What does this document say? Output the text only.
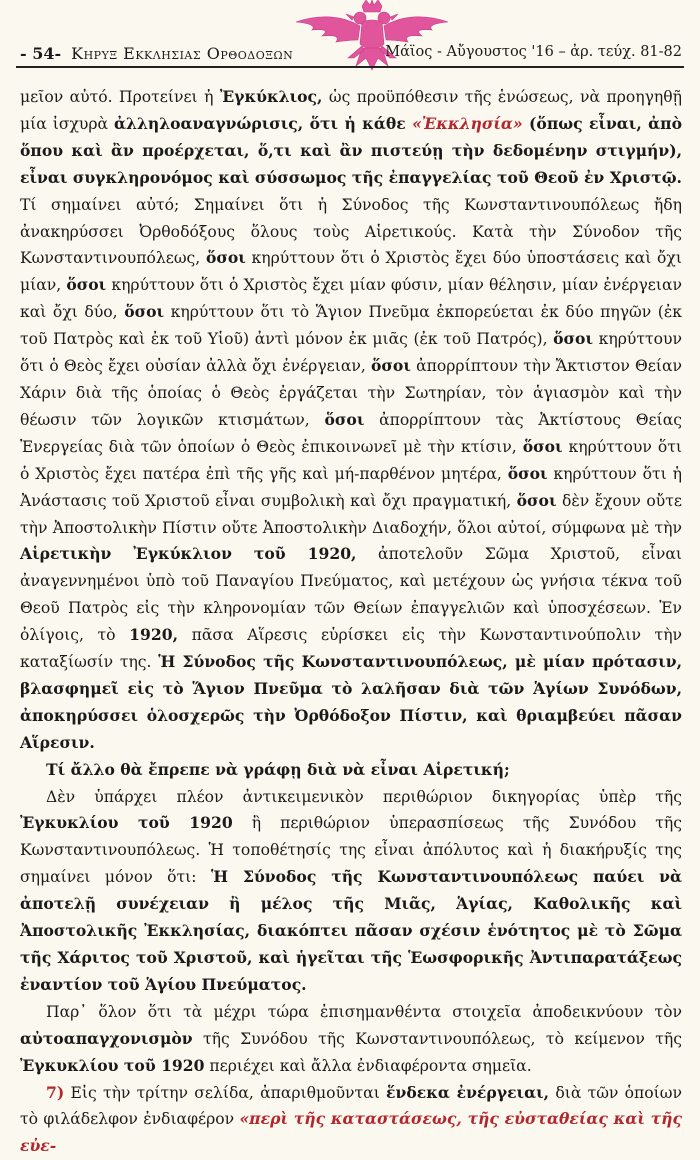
- 54- Κηρυξ Εκκλησιας Ορθοδοξων	Μάϊος - Αὔγουστος '16 – ἀρ. τεύχ. 81-82

μεῖον αὐτό. Προτείνει ἡ Ἐγκύκλιος, ὡς προϋπόθεσιν τῆς ἑνώσεως, νὰ προηγηθῇ μία ἰσχυρὰ ἀλληλοαναγνώρισις, ὅτι ἡ κάθε «Ἐκκλησία» (ὅπως εἶναι, ἀπὸ ὅπου καὶ ἂν προέρχεται, ὅ,τι καὶ ἂν πιστεύῃ τὴν δεδομένην στιγμήν), εἶναι συγκληρονόμος καὶ σύσσωμος τῆς ἐπαγγελίας τοῦ Θεοῦ ἐν Χριστῷ. Τί σημαίνει αὐτό; Σημαίνει ὅτι ἡ Σύνοδος τῆς Κωνσταντινουπόλεως ἤδη ἀνακηρύσσει Ὀρθοδόξους ὅλους τοὺς Αἱρετικούς. Κατὰ τὴν Σύνοδον τῆς Κωνσταντινουπόλεως, ὅσοι κηρύττουν ὅτι ὁ Χριστὸς ἔχει δύο ὑποστάσεις καὶ ὄχι μίαν, ὅσοι κηρύττουν ὅτι ὁ Χριστὸς ἔχει μίαν φύσιν, μίαν θέλησιν, μίαν ἐνέργειαν καὶ ὄχι δύο, ὅσοι κηρύττουν ὅτι τὸ Ἅγιον Πνεῦμα ἐκπορεύεται ἐκ δύο πηγῶν (ἐκ τοῦ Πατρὸς καὶ ἐκ τοῦ Υἱοῦ) ἀντὶ μόνον ἐκ μιᾶς (ἐκ τοῦ Πατρός), ὅσοι κηρύττουν ὅτι ὁ Θεὸς ἔχει οὐσίαν ἀλλὰ ὄχι ἐνέργειαν, ὅσοι ἀπορρίπτουν τὴν Ἄκτιστον Θείαν Χάριν διὰ τῆς ὁποίας ὁ Θεὸς ἐργάζεται τὴν Σωτηρίαν, τὸν ἁγιασμὸν καὶ τὴν θέωσιν τῶν λογικῶν κτισμάτων, ὅσοι ἀπορρίπτουν τὰς Ἀκτίστους Θείας Ἐνεργείας διὰ τῶν ὁποίων ὁ Θεὸς ἐπικοινωνεῖ μὲ τὴν κτίσιν, ὅσοι κηρύττουν ὅτι ὁ Χριστὸς ἔχει πατέρα ἐπὶ τῆς γῆς καὶ μή-παρθένον μητέρα, ὅσοι κηρύττουν ὅτι ἡ Ἀνάστασις τοῦ Χριστοῦ εἶναι συμβολικὴ καὶ ὄχι πραγματική, ὅσοι δὲν ἔχουν οὔτε τὴν Ἀποστολικὴν Πίστιν οὔτε Ἀποστολικὴν Διαδοχήν, ὅλοι αὐτοί, σύμφωνα μὲ τὴν Αἱρετικὴν Ἐγκύκλιον τοῦ 1920, ἀποτελοῦν Σῶμα Χριστοῦ, εἶναι ἀναγεννημένοι ὑπὸ τοῦ Παναγίου Πνεύματος, καὶ μετέχουν ὡς γνήσια τέκνα τοῦ Θεοῦ Πατρὸς εἰς τὴν κληρονομίαν τῶν Θείων ἐπαγγελιῶν καὶ ὑποσχέσεων. Ἐν ὀλίγοις, τὸ 1920, πᾶσα Αἵρεσις εὑρίσκει εἰς τὴν Κωνσταντινούπολιν τὴν καταξίωσίν της. Ἡ Σύνοδος τῆς Κωνσταντινουπόλεως, μὲ μίαν πρότασιν, βλασφημεῖ εἰς τὸ Ἅγιον Πνεῦμα τὸ λαλῆσαν διὰ τῶν Ἁγίων Συνόδων, ἀποκηρύσσει ὁλοσχερῶς τὴν Ὀρθόδοξον Πίστιν, καὶ θριαμβεύει πᾶσαν Αἵρεσιν.

Τί ἄλλο θὰ ἔπρεπε νὰ γράφῃ διὰ νὰ εἶναι Αἱρετική;

Δὲν ὑπάρχει πλέον ἀντικειμενικὸν περιθώριον δικηγορίας ὑπὲρ τῆς Ἐγκυκλίου τοῦ 1920 ἢ περιθώριον ὑπερασπίσεως τῆς Συνόδου τῆς Κωνσταντινουπόλεως. Ἡ τοποθέτησίς της εἶναι ἀπόλυτος καὶ ἡ διακήρυξίς της σημαίνει μόνον ὅτι: Ἡ Σύνοδος τῆς Κωνσταντινουπόλεως παύει νὰ ἀποτελῇ συνέχειαν ἢ μέλος τῆς Μιᾶς, Ἁγίας, Καθολικῆς καὶ Ἀποστολικῆς Ἐκκλησίας, διακόπτει πᾶσαν σχέσιν ἑνότητος μὲ τὸ Σῶμα τῆς Χάριτος τοῦ Χριστοῦ, καὶ ἡγεῖται τῆς Ἑωσφορικῆς Ἀντιπαρατάξεως ἐναντίον τοῦ Ἁγίου Πνεύματος.

Παρ᾽ ὅλον ὅτι τὰ μέχρι τώρα ἐπισημανθέντα στοιχεῖα ἀποδεικνύουν τὸν αὐτοαπαγχονισμὸν τῆς Συνόδου τῆς Κωνσταντινουπόλεως, τὸ κείμενον τῆς Ἐγκυκλίου τοῦ 1920 περιέχει καὶ ἄλλα ἐνδιαφέροντα σημεῖα.

7) Εἰς τὴν τρίτην σελίδα, ἀπαριθμοῦνται ἕνδεκα ἐνέργειαι, διὰ τῶν ὁποίων τὸ φιλάδελφον ἐνδιαφέρον «περὶ τῆς καταστάσεως, τῆς εὐσταθείας καὶ τῆς εὐε-
